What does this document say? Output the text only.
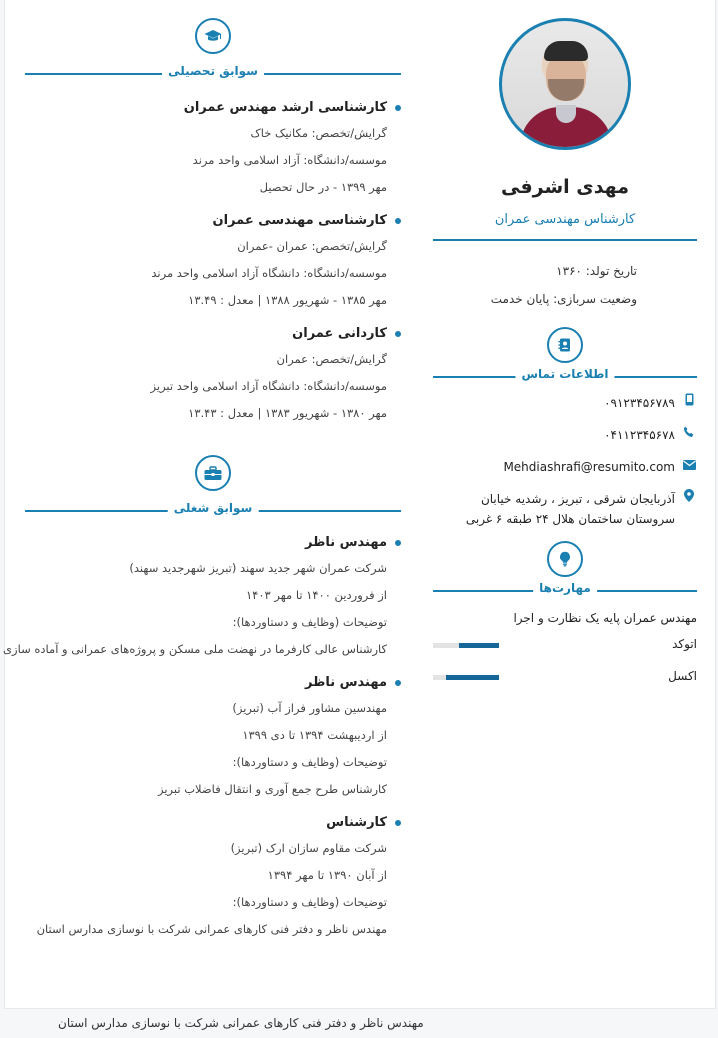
مهدی اشرفی
کارشناس مهندسی عمران
تاریخ تولد: ۱۳۶۰
وضعیت سربازی: پایان خدمت
اطلاعات تماس
۰۹۱۲۳۴۵۶۷۸۹
۰۴۱۱۲۳۴۵۶۷۸
Mehdiashrafi@resumito.com
آذربایجان شرقی ، تبریز ، رشدیه خیابان سروستان ساختمان هلال ۲۴ طبقه ۶ غربی
مهارت‌ها
مهندس عمران پایه یک نظارت و اجرا
اتوکد
اکسل
سوابق تحصیلی
کارشناسی ارشد مهندس عمران
گرایش/تخصص: مکانیک خاک
موسسه/دانشگاه: آزاد اسلامی واحد مرند
مهر ۱۳۹۹ - در حال تحصیل
کارشناسی مهندسی عمران
گرایش/تخصص: عمران -عمران
موسسه/دانشگاه: دانشگاه آزاد اسلامی واحد مرند
مهر ۱۳۸۵ - شهریور ۱۳۸۸ | معدل : ۱۳.۴۹
کاردانی عمران
گرایش/تخصص: عمران
موسسه/دانشگاه: دانشگاه آزاد اسلامی واحد تبریز
مهر ۱۳۸۰ - شهریور ۱۳۸۳ | معدل : ۱۳.۴۳
سوابق شغلی
مهندس ناظر
شرکت عمران شهر جدید سهند (تبریز شهرجدید سهند)
از فروردین ۱۴۰۰ تا مهر ۱۴۰۳
توضیحات (وظایف و دستاوردها):
کارشناس عالی کارفرما در نهضت ملی مسکن و پروژه‌های عمرانی و آماده سازی
مهندس ناظر
مهندسین مشاور فراز آب (تبریز)
از اردیبهشت ۱۳۹۴ تا دی ۱۳۹۹
توضیحات (وظایف و دستاوردها):
کارشناس طرح جمع آوری و انتقال فاضلاب تبریز
کارشناس
شرکت مقاوم سازان ارک (تبریز)
از آبان ۱۳۹۰ تا مهر ۱۳۹۴
توضیحات (وظایف و دستاوردها):
مهندس ناظر و دفتر فنی کارهای عمرانی شرکت با نوسازی مدارس استان
مهندس ناظر و دفتر فنی کارهای عمرانی شرکت با نوسازی مدارس استان
